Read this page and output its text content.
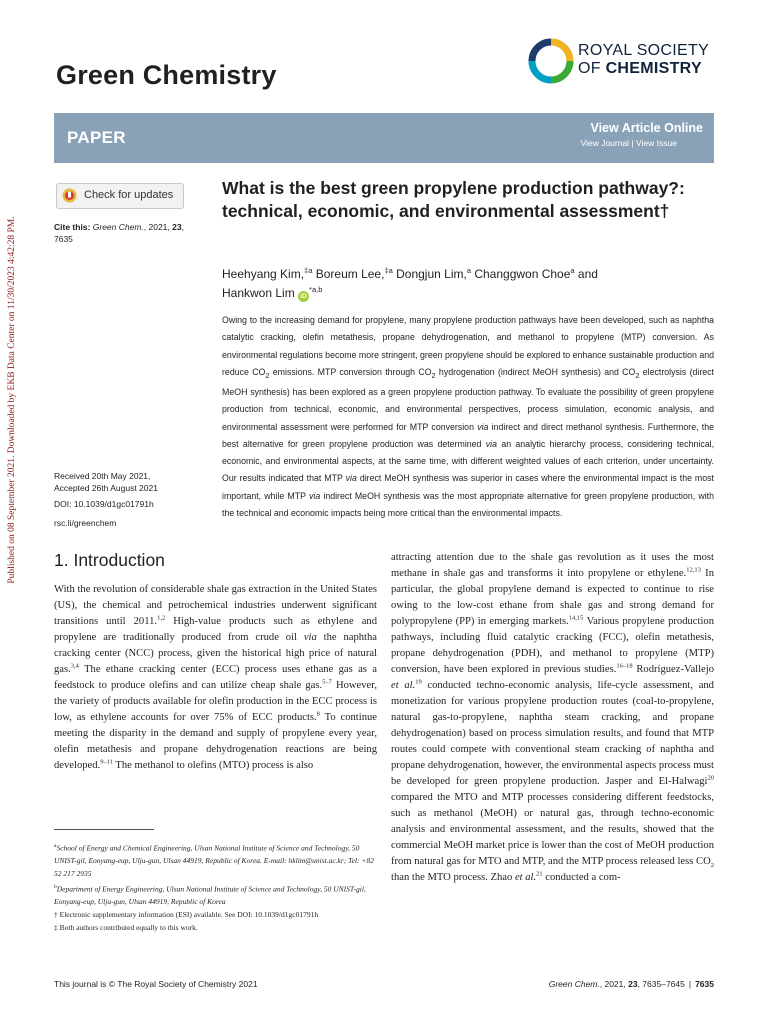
Green Chemistry
ROYAL SOCIETY
OF CHEMISTRY
PAPER	View Article Online
View Journal | View Issue
Published on 08 September 2021. Downloaded by EKB Data Center on 11/30/2023 4:42:28 PM.
Check for updates
Cite this: Green Chem., 2021, 23,
7635
Received 20th May 2021,
Accepted 26th August 2021
DOI: 10.1039/d1gc01791h
rsc.li/greenchem
What is the best green propylene production pathway?: technical, economic, and environmental assessment†
Heehyang Kim,$^{\ddagger a}$ Boreum Lee,$^{\ddagger a}$ Dongjun Lim,$^a$ Changgwon Choe$^a$ and
Hankwon Lim iD$^{*a,b}$

Owing to the increasing demand for propylene, many propylene production pathways have been developed, such as naphtha catalytic cracking, olefin metathesis, propane dehydrogenation, and methanol to propylene (MTP) conversion. As environmental regulations become more stringent, green propylene should be explored to enhance sustainable production and reduce $CO_2$ emissions. MTP conversion through $CO_2$ hydrogenation (indirect MeOH synthesis) and $CO_2$ electrolysis (direct MeOH synthesis) has been explored as a green propylene production pathway. To evaluate the possibility of green propylene production from technical, economic, and environmental perspectives, process simulation, economic analysis, and environmental assessment were performed for MTP conversion via indirect and direct methanol synthesis. Furthermore, the best alternative for green propylene production was determined via an analytic hierarchy process, considering technical, economic, and environmental aspects, at the same time, with different weighted values of each criterion, under uncertainty. Our results indicated that MTP via direct MeOH synthesis was superior in cases where the environmental impact is the most important, while MTP via indirect MeOH synthesis was the most appropriate alternative for green propylene production, with the technical and economic impacts being more critical than the environmental impacts.

1. Introduction

With the revolution of considerable shale gas extraction in the United States (US), the chemical and petrochemical industries underwent significant transitions until 2011.$^{1,2}$ High-value products such as ethylene and propylene are traditionally produced from crude oil via the naphtha cracking center (NCC) process, given the historical high price of natural gas.$^{3,4}$ The ethane cracking center (ECC) process uses ethane gas as a feedstock to produce olefins and can utilize cheap shale gas.$^{5-7}$ However, the variety of products available for olefin production in the ECC process is low, as ethylene accounts for over 75% of ECC products.$^8$ To continue meeting the disparity in the demand and supply of propylene every year, olefin metathesis and propane dehydrogenation reactions are being developed.$^{9-11}$ The methanol to olefins (MTO) process is also

attracting attention due to the shale gas revolution as it uses the most methane in shale gas and transforms it into propylene or ethylene.$^{12,13}$ In particular, the global propylene demand is expected to continue to rise owing to the low-cost ethane from shale gas and strong demand for polypropylene (PP) in emerging markets.$^{14,15}$ Various propylene production pathways, including fluid catalytic cracking (FCC), olefin metathesis, propane dehydrogenation (PDH), and methanol to propylene (MTP) conversion, have been explored in previous studies.$^{16-18}$ Rodríguez-Vallejo et al.$^{19}$ conducted techno-economic analysis, life-cycle assessment, and monetization for various propylene production routes (coal-to-propylene, natural gas-to-propylene, naphtha steam cracking, and propane dehydrogenation) based on process simulation results, and found that MTP routes could compete with conventional steam cracking of naphtha and propane dehydrogenation, however, the environmental aspects process must be developed for green propylene production. Jasper and El-Halwagi$^{20}$ compared the MTO and MTP processes considering different feedstocks, such as methanol (MeOH) or natural gas, through techno-economic analysis and environmental assessment, and the results, showed that the commercial MeOH market price is lower than the cost of MeOH production from natural gas for MTO and MTP, and the MTP process released less $CO_2$ than the MTO process. Zhao et al.$^{21}$ conducted a com-

$^a$School of Energy and Chemical Engineering, Ulsan National Institute of Science and Technology, 50 UNIST-gil, Eonyang-eup, Ulju-gun, Ulsan 44919, Republic of Korea. E-mail: hklim@unist.ac.kr; Tel: +82 52 217 2935

$^b$Department of Energy Engineering, Ulsan National Institute of Science and Technology, 50 UNIST-gil, Eonyang-eup, Ulju-gun, Ulsan 44919, Republic of Korea

† Electronic supplementary information (ESI) available. See DOI: 10.1039/d1gc01791h

‡ Both authors contributed equally to this work.

This journal is © The Royal Society of Chemistry 2021	Green Chem., 2021, 23, 7635–7645 | 7635
